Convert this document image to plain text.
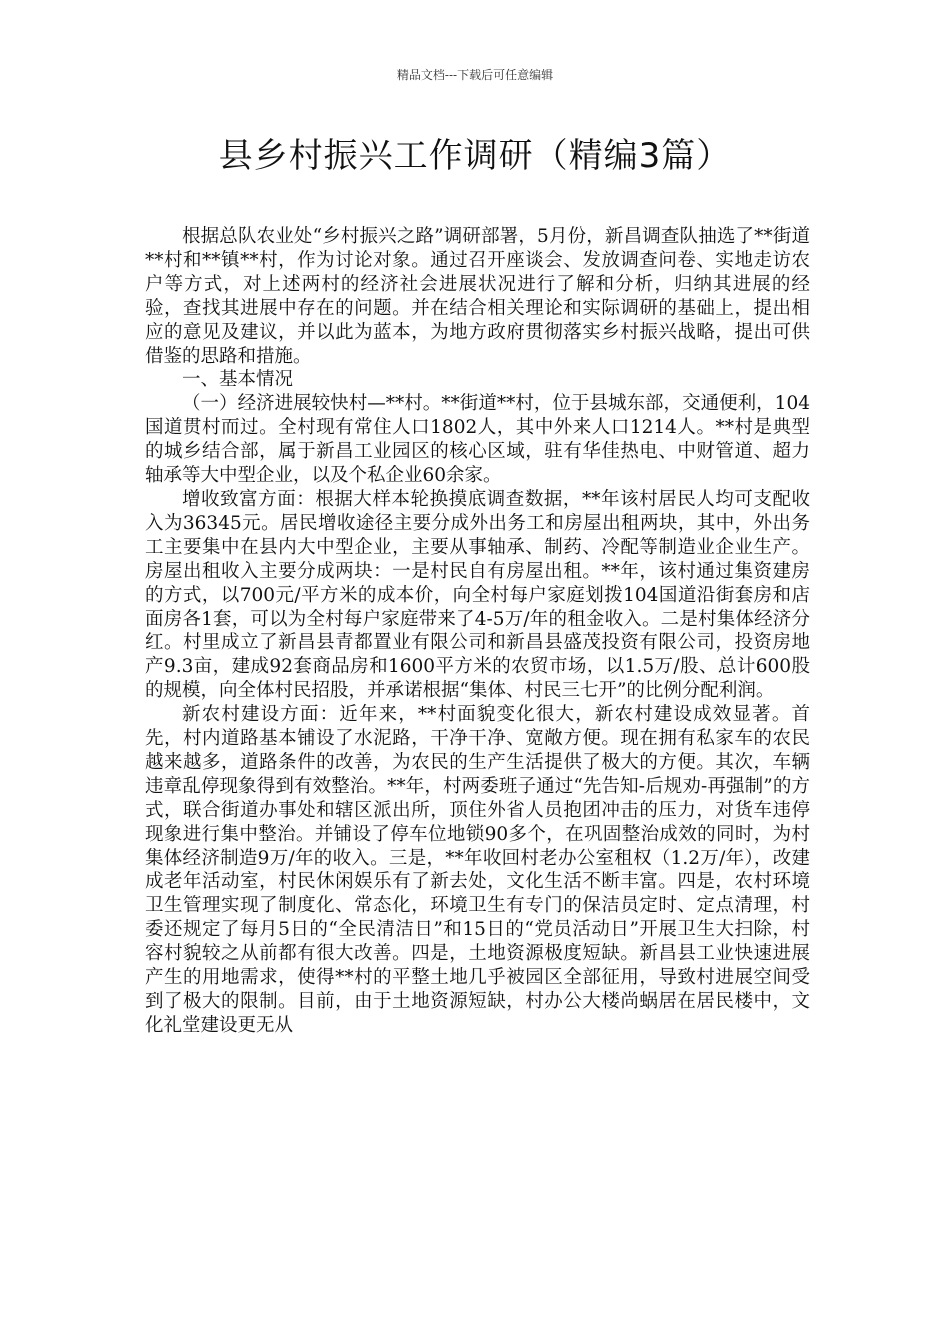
精品文档---下载后可任意编辑
县乡村振兴工作调研（精编3篇）

根据总队农业处“乡村振兴之路”调研部署，5月份，新昌调查队抽选了**街道**村和**镇**村，作为讨论对象。通过召开座谈会、发放调查问卷、实地走访农户等方式，对上述两村的经济社会进展状况进行了解和分析，归纳其进展的经验，查找其进展中存在的问题。并在结合相关理论和实际调研的基础上，提出相应的意见及建议，并以此为蓝本，为地方政府贯彻落实乡村振兴战略，提出可供借鉴的思路和措施。

一、基本情况

（一）经济进展较快村—**村。**街道**村，位于县城东部，交通便利，104国道贯村而过。全村现有常住人口1802人，其中外来人口1214人。**村是典型的城乡结合部，属于新昌工业园区的核心区域，驻有华佳热电、中财管道、超力轴承等大中型企业，以及个私企业60余家。

增收致富方面：根据大样本轮换摸底调查数据，**年该村居民人均可支配收入为36345元。居民增收途径主要分成外出务工和房屋出租两块，其中，外出务工主要集中在县内大中型企业，主要从事轴承、制药、冷配等制造业企业生产。房屋出租收入主要分成两块：一是村民自有房屋出租。**年，该村通过集资建房的方式，以700元/平方米的成本价，向全村每户家庭划拨104国道沿街套房和店面房各1套，可以为全村每户家庭带来了4-5万/年的租金收入。二是村集体经济分红。村里成立了新昌县青都置业有限公司和新昌县盛茂投资有限公司，投资房地产9.3亩，建成92套商品房和1600平方米的农贸市场，以1.5万/股、总计600股的规模，向全体村民招股，并承诺根据“集体、村民三七开”的比例分配利润。

新农村建设方面：近年来，**村面貌变化很大，新农村建设成效显著。首先，村内道路基本铺设了水泥路，干净干净、宽敞方便。现在拥有私家车的农民越来越多，道路条件的改善，为农民的生产生活提供了极大的方便。其次，车辆违章乱停现象得到有效整治。**年，村两委班子通过“先告知-后规劝-再强制”的方式，联合街道办事处和辖区派出所，顶住外省人员抱团冲击的压力，对货车违停现象进行集中整治。并铺设了停车位地锁90多个，在巩固整治成效的同时，为村集体经济制造9万/年的收入。三是，**年收回村老办公室租权（1.2万/年），改建成老年活动室，村民休闲娱乐有了新去处，文化生活不断丰富。四是，农村环境卫生管理实现了制度化、常态化，环境卫生有专门的保洁员定时、定点清理，村委还规定了每月5日的“全民清洁日”和15日的“党员活动日”开展卫生大扫除，村容村貌较之从前都有很大改善。四是，土地资源极度短缺。新昌县工业快速进展产生的用地需求，使得**村的平整土地几乎被园区全部征用，导致村进展空间受到了极大的限制。目前，由于土地资源短缺，村办公大楼尚蜗居在居民楼中，文化礼堂建设更无从
